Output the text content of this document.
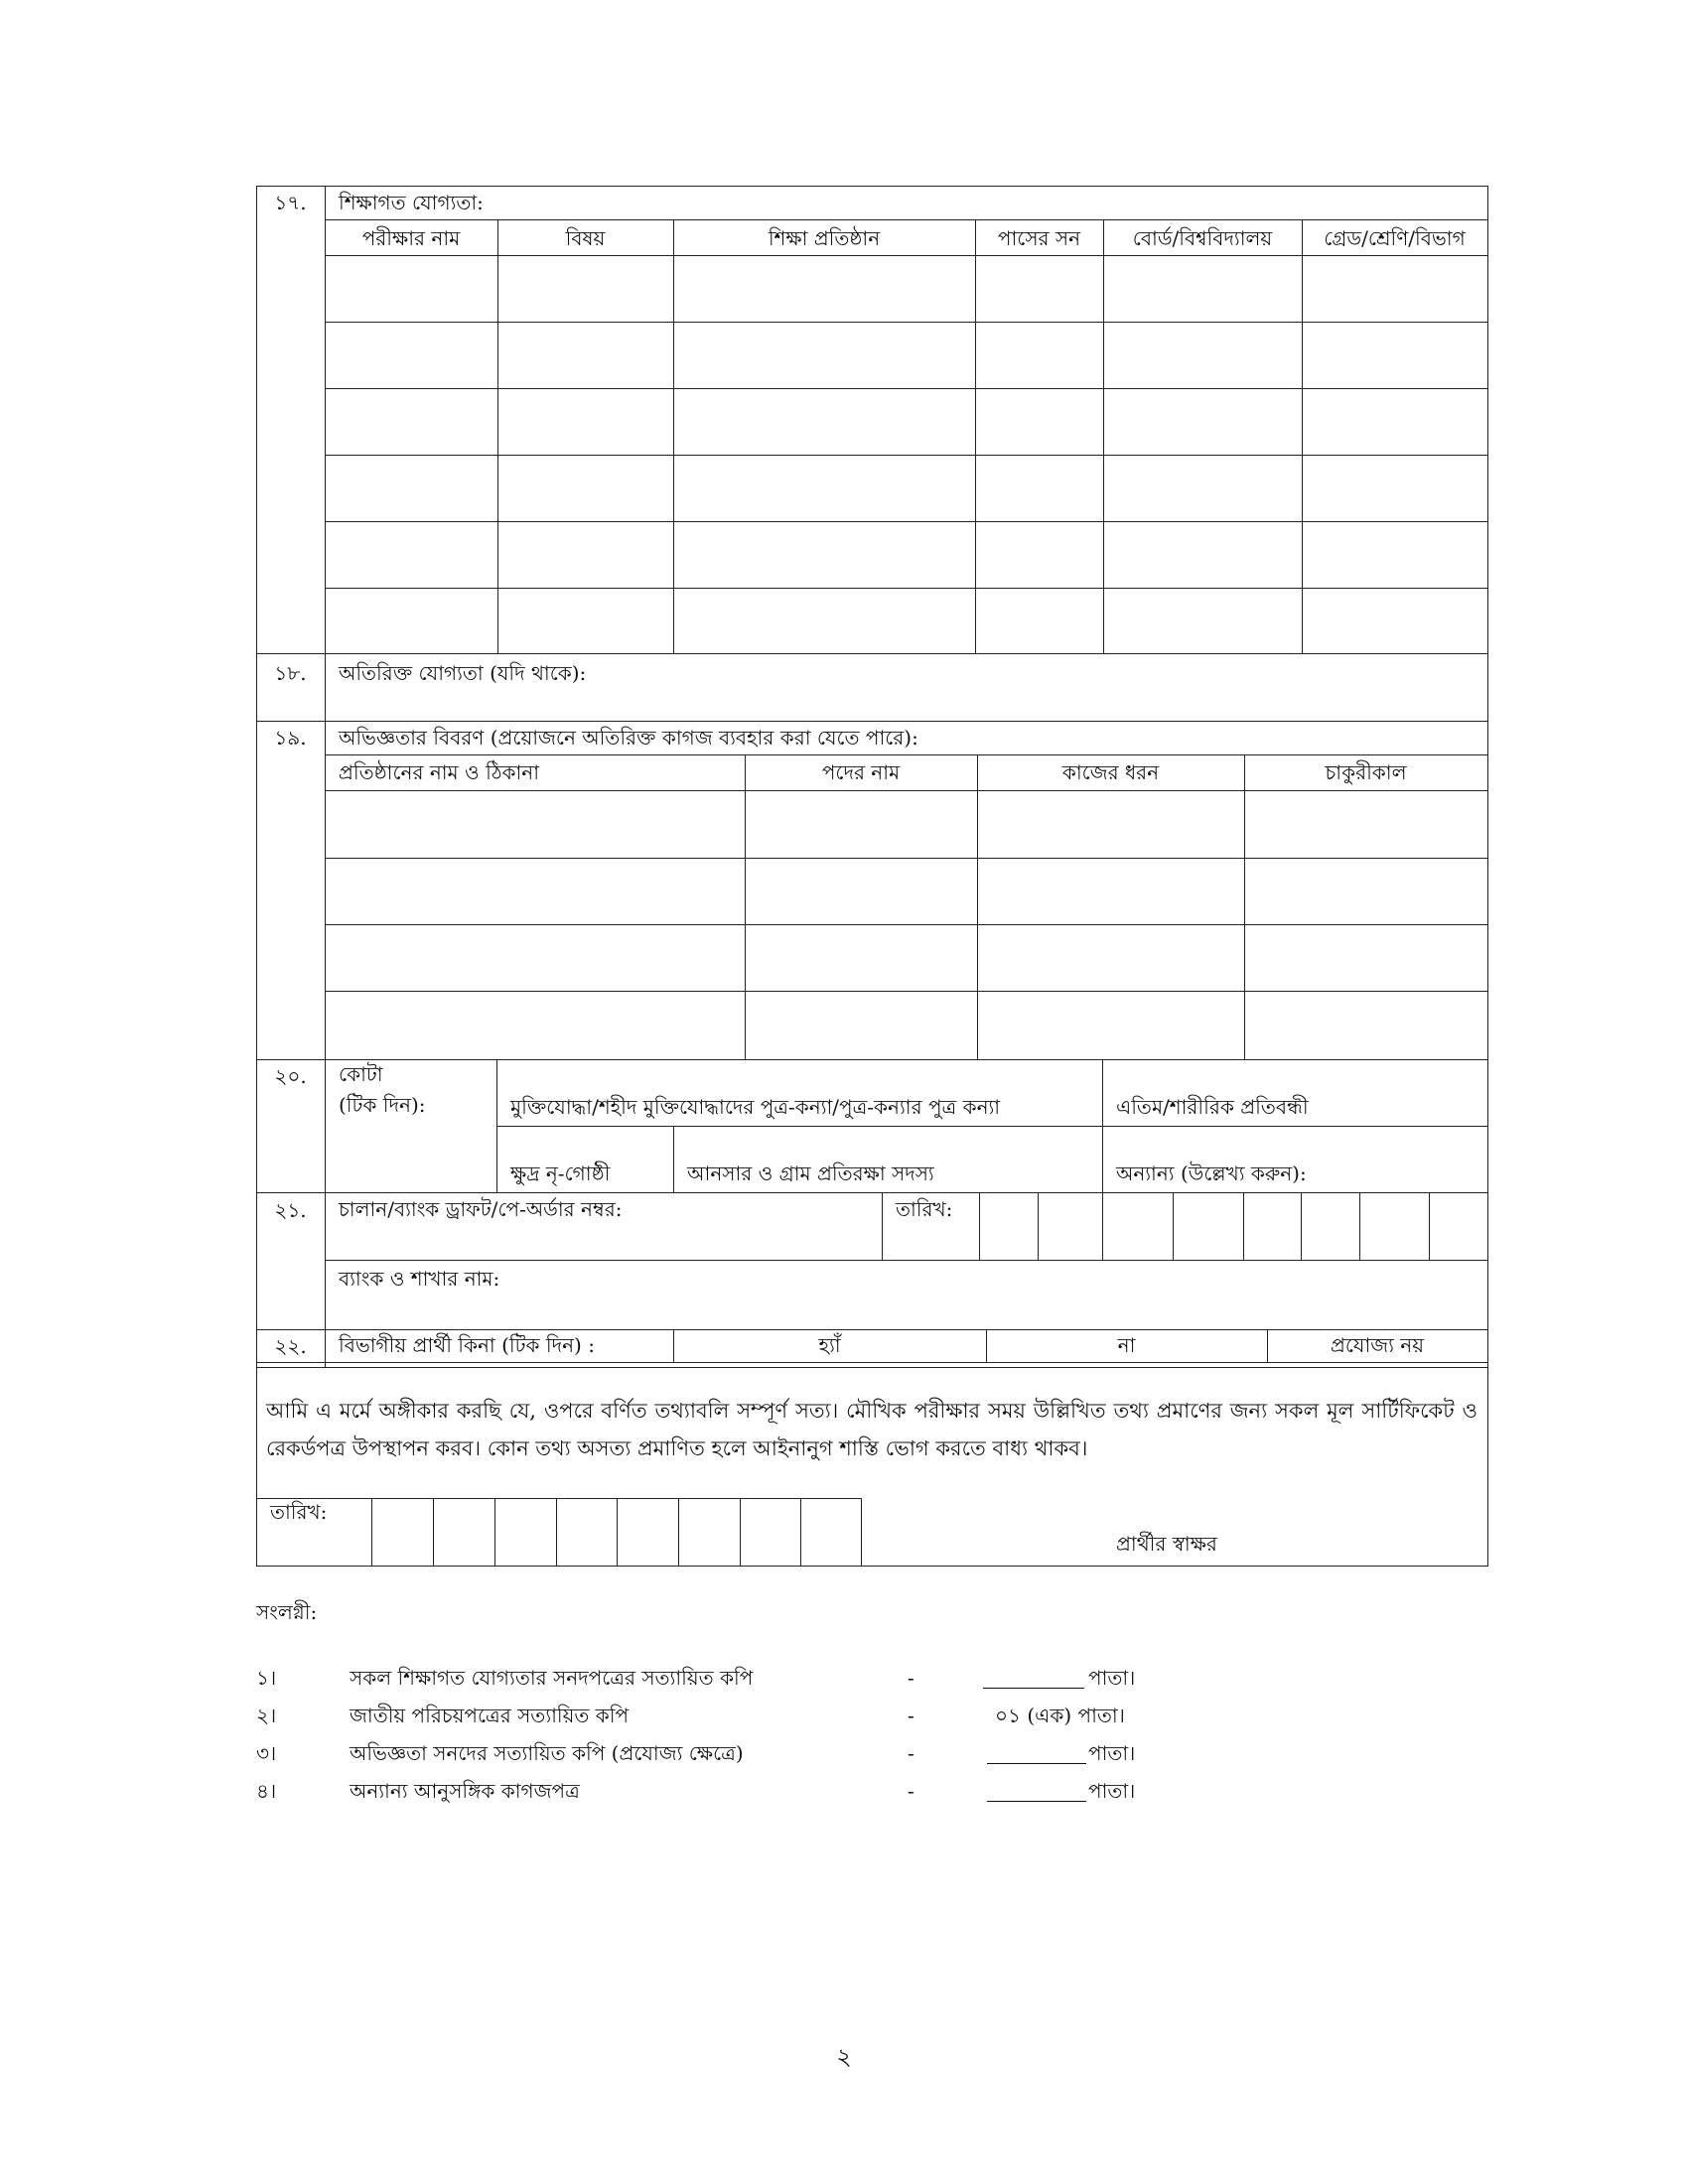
১৭.	শিক্ষাগত যোগ্যতা:
পরীক্ষার নাম	বিষয়	শিক্ষা প্রতিষ্ঠান	পাসের সন	বোর্ড/বিশ্ববিদ্যালয়	গ্রেড/শ্রেণি/বিভাগ
১৮.	অতিরিক্ত যোগ্যতা (যদি থাকে):
১৯.	অভিজ্ঞতার বিবরণ (প্রয়োজনে অতিরিক্ত কাগজ ব্যবহার করা যেতে পারে):
প্রতিষ্ঠানের নাম ও ঠিকানা	পদের নাম	কাজের ধরন	চাকুরীকাল
২০.	কোটা
(টিক দিন):	মুক্তিযোদ্ধা/শহীদ মুক্তিযোদ্ধাদের পুত্র-কন্যা/পুত্র-কন্যার পুত্র কন্যা	এতিম/শারীরিক প্রতিবন্ধী
ক্ষুদ্র নৃ-গোষ্ঠী	আনসার ও গ্রাম প্রতিরক্ষা সদস্য	অন্যান্য (উল্লেখ্য করুন):
২১.	চালান/ব্যাংক ড্রাফট/পে-অর্ডার নম্বর:	তারিখ:
ব্যাংক ও শাখার নাম:
২২.	বিভাগীয় প্রার্থী কিনা (টিক দিন) :	হ্যাঁ	না	প্রযোজ্য নয়
আমি এ মর্মে অঙ্গীকার করছি যে, ওপরে বর্ণিত তথ্যাবলি সম্পূর্ণ সত্য। মৌখিক পরীক্ষার সময় উল্লিখিত তথ্য প্রমাণের জন্য সকল মূল সার্টিফিকেট ও রেকর্ডপত্র উপস্থাপন করব। কোন তথ্য অসত্য প্রমাণিত হলে আইনানুগ শাস্তি ভোগ করতে বাধ্য থাকব।
তারিখ:
প্রার্থীর স্বাক্ষর
সংলগ্নী:
১।	সকল শিক্ষাগত যোগ্যতার সনদপত্রের সত্যায়িত কপি	-	পাতা।
২।	জাতীয় পরিচয়পত্রের সত্যায়িত কপি	-	০১ (এক) পাতা।
৩।	অভিজ্ঞতা সনদের সত্যায়িত কপি (প্রযোজ্য ক্ষেত্রে)	-	পাতা।
৪।	অন্যান্য আনুসঙ্গিক কাগজপত্র	-	পাতা।
২
